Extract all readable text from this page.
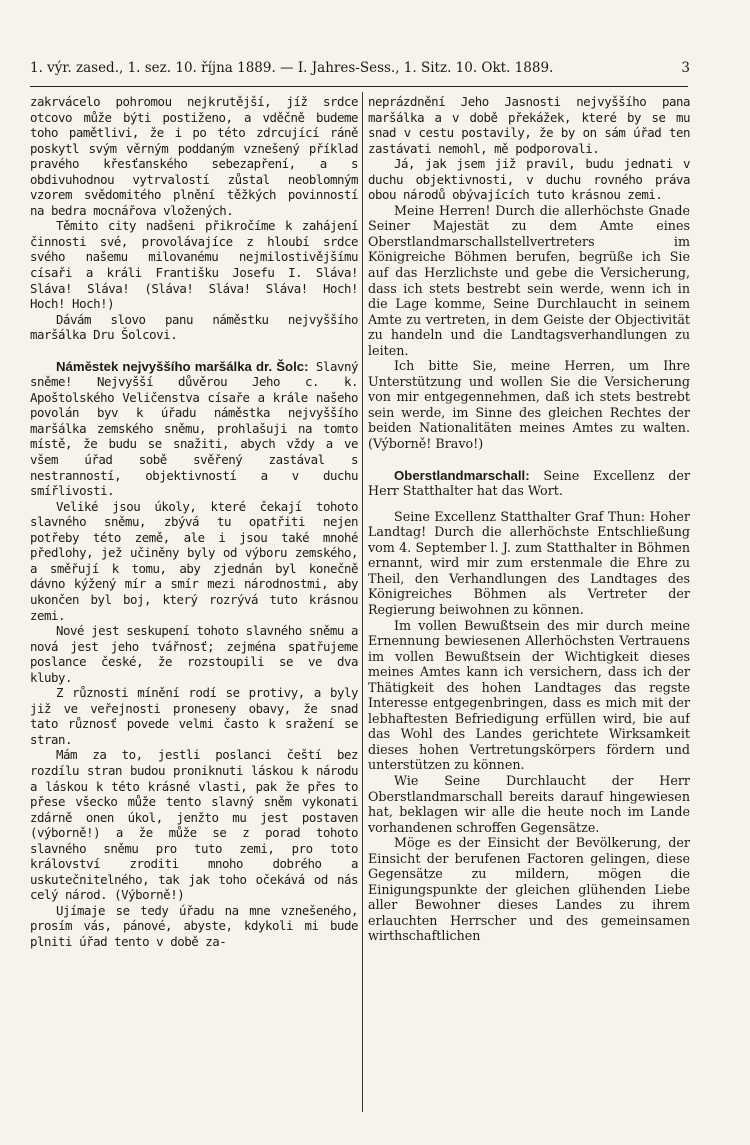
1. výr. zased., 1. sez. 10. října 1889. — I. Jahres-Sess., 1. Sitz. 10. Okt. 1889.	3

zakrvácelo pohromou nejkrutější, jíž srdce otcovo může býti postiženo, a vděčně budeme toho pamětlivi, že i po této zdrcující ráně poskytl svým věrným poddaným vznešený příklad pravého křesťanského sebezapření, a s obdivuhodnou vytrvalostí zůstal neoblomným vzorem svědomitého plnění těžkých povinností na bedra mocnářova vložených.

Těmito city nadšeni přikročíme k zahájení činnosti své, provolávajíce z hloubí srdce svého našemu milovanému nejmilostivějšímu císaři a králi Františku Josefu I. Sláva! Sláva! Sláva! (Sláva! Sláva! Sláva! Hoch! Hoch! Hoch!)

Dávám slovo panu náměstku nejvyššího maršálka Dru Šolcovi.

Náměstek nejvyššího maršálka dr. Šolc: Slavný sněme! Nejvyšší důvěrou Jeho c. k. Apoštolského Veličenstva císaře a krále našeho povolán byv k úřadu náměstka nejvyššího maršálka zemského sněmu, prohlašuji na tomto místě, že budu se snažiti, abych vždy a ve všem úřad sobě svěřený zastával s nestranností, objektivností a v duchu smířlivosti.

Veliké jsou úkoly, které čekají tohoto slavného sněmu, zbývá tu opatřiti nejen potřeby této země, ale i jsou také mnohé předlohy, jež učiněny byly od výboru zemského, a směřují k tomu, aby zjednán byl konečně dávno kýžený mír a smír mezi národnostmi, aby ukončen byl boj, který rozrývá tuto krásnou zemi.

Nové jest seskupení tohoto slavného sněmu a nová jest jeho tvářnosť; zejména spatřujeme poslance české, že rozstoupili se ve dva kluby.

Z různosti mínění rodí se protivy, a byly již ve veřejnosti proneseny obavy, že snad tato různosť povede velmi často k sražení se stran.

Mám za to, jestli poslanci čeští bez rozdílu stran budou proniknuti láskou k národu a láskou k této krásné vlasti, pak že přes to přese všecko může tento slavný sněm vykonati zdárně onen úkol, jenžto mu jest postaven (výborně!) a že může se z porad tohoto slavného sněmu pro tuto zemi, pro toto království zroditi mnoho dobrého a uskutečnitelného, tak jak toho očekává od nás celý národ. (Výborně!)

Ujímaje se tedy úřadu na mne vznešeného, prosím vás, pánové, abyste, kdykoli mi bude plniti úřad tento v době za-

neprázdnění Jeho Jasnosti nejvyššího pana maršálka a v době překážek, které by se mu snad v cestu postavily, že by on sám úřad ten zastávati nemohl, mě podporovali.

Já, jak jsem již pravil, budu jednati v duchu objektivnosti, v duchu rovného práva obou národů obývajících tuto krásnou zemi.

Meine Herren! Durch die allerhöchste Gnade Seiner Majestät zu dem Amte eines Oberstlandmarschallstellvertreters im Königreiche Böhmen berufen, begrüße ich Sie auf das Herzlichste und gebe die Versicherung, dass ich stets bestrebt sein werde, wenn ich in die Lage komme, Seine Durchlaucht in seinem Amte zu vertreten, in dem Geiste der Objectivität zu handeln und die Landtagsverhandlungen zu leiten.

Ich bitte Sie, meine Herren, um Ihre Unterstützung und wollen Sie die Versicherung von mir entgegennehmen, daß ich stets bestrebt sein werde, im Sinne des gleichen Rechtes der beiden Nationalitäten meines Amtes zu walten. (Výborně! Bravo!)

Oberstlandmarschall: Seine Excellenz der Herr Statthalter hat das Wort.

Seine Excellenz Statthalter Graf Thun: Hoher Landtag! Durch die allerhöchste Entschließung vom 4. September l. J. zum Statthalter in Böhmen ernannt, wird mir zum erstenmale die Ehre zu Theil, den Verhandlungen des Landtages des Königreiches Böhmen als Vertreter der Regierung beiwohnen zu können.

Im vollen Bewußtsein des mir durch meine Ernennung bewiesenen Allerhöchsten Vertrauens im vollen Bewußtsein der Wichtigkeit dieses meines Amtes kann ich versichern, dass ich der Thätigkeit des hohen Landtages das regste Interesse entgegenbringen, dass es mich mit der lebhaftesten Befriedigung erfüllen wird, bie auf das Wohl des Landes gerichtete Wirksamkeit dieses hohen Vertretungskörpers fördern und unterstützen zu können.

Wie Seine Durchlaucht der Herr Oberstlandmarschall bereits darauf hingewiesen hat, beklagen wir alle die heute noch im Lande vorhandenen schroffen Gegensätze.

Möge es der Einsicht der Bevölkerung, der Einsicht der berufenen Factoren gelingen, diese Gegensätze zu mildern, mögen die Einigungspunkte der gleichen glühenden Liebe aller Bewohner dieses Landes zu ihrem erlauchten Herrscher und des gemeinsamen wirthschaftlichen
